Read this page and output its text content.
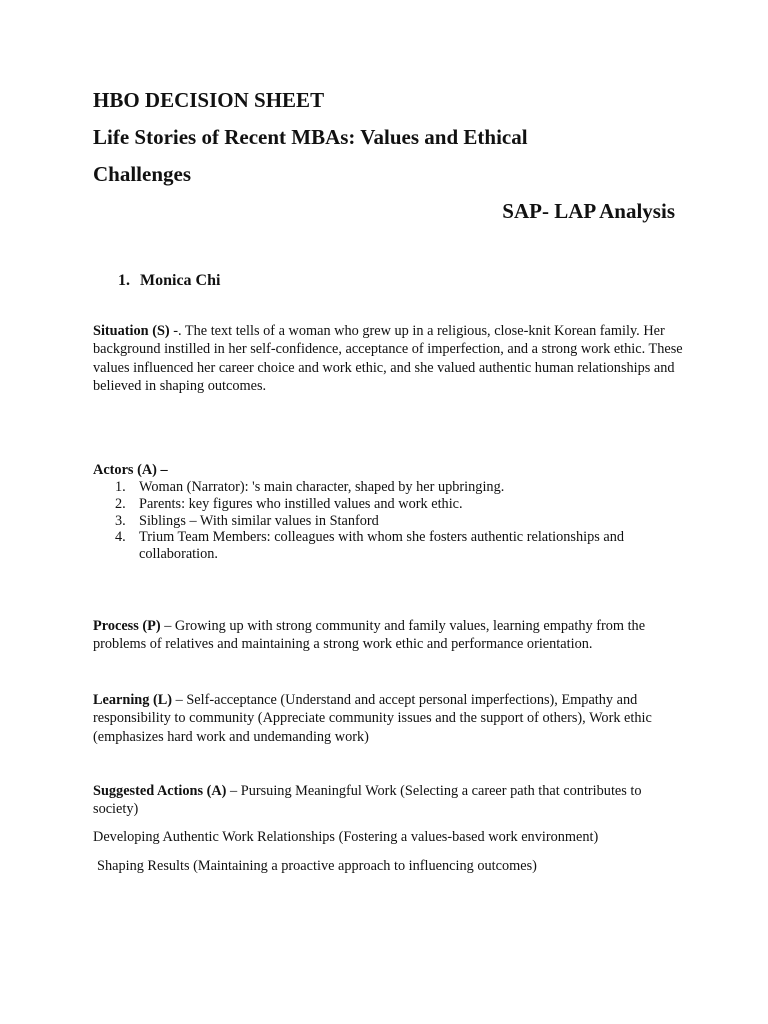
HBO DECISION SHEET
Life Stories of Recent MBAs: Values and Ethical
Challenges
SAP- LAP Analysis
1. Monica Chi

Situation (S) -. The text tells of a woman who grew up in a religious, close-knit Korean family. Her background instilled in her self-confidence, acceptance of imperfection, and a strong work ethic. These values influenced her career choice and work ethic, and she valued authentic human relationships and believed in shaping outcomes.

Actors (A) –

1. Woman (Narrator): 's main character, shaped by her upbringing.
2. Parents: key figures who instilled values and work ethic.
3. Siblings – With similar values in Stanford
4. Trium Team Members: colleagues with whom she fosters authentic relationships and collaboration.

Process (P) – Growing up with strong community and family values, learning empathy from the problems of relatives and maintaining a strong work ethic and performance orientation.

Learning (L) – Self-acceptance (Understand and accept personal imperfections), Empathy and responsibility to community (Appreciate community issues and the support of others), Work ethic (emphasizes hard work and undemanding work)

Suggested Actions (A) – Pursuing Meaningful Work (Selecting a career path that contributes to society)

Developing Authentic Work Relationships (Fostering a values-based work environment)

Shaping Results (Maintaining a proactive approach to influencing outcomes)
